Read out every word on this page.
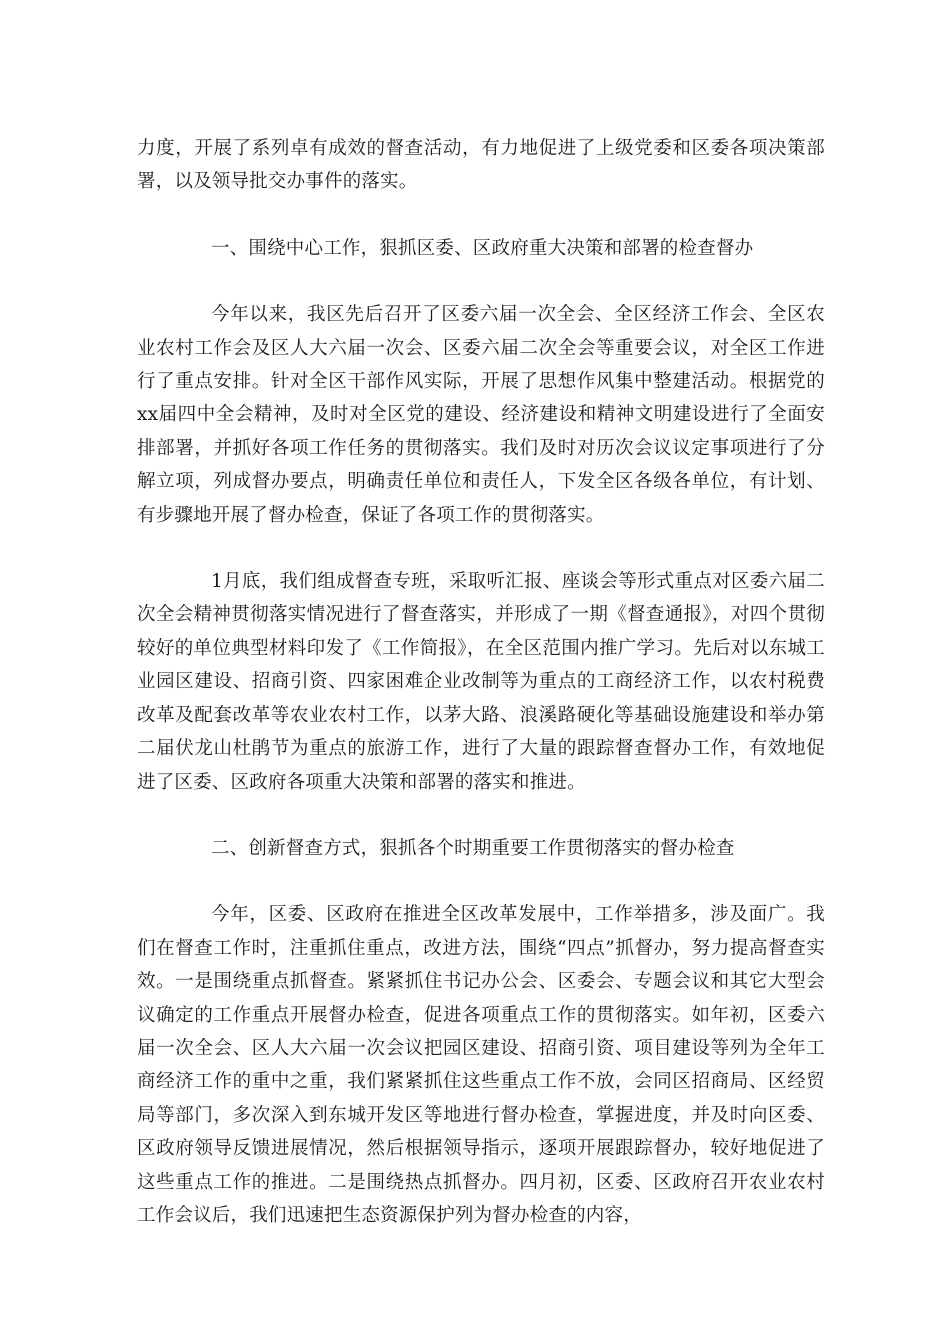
力度，开展了系列卓有成效的督查活动，有力地促进了上级党委和区委各项决策部署，以及领导批交办事件的落实。

一、围绕中心工作，狠抓区委、区政府重大决策和部署的检查督办

今年以来，我区先后召开了区委六届一次全会、全区经济工作会、全区农业农村工作会及区人大六届一次会、区委六届二次全会等重要会议，对全区工作进行了重点安排。针对全区干部作风实际，开展了思想作风集中整建活动。根据党的xx届四中全会精神，及时对全区党的建设、经济建设和精神文明建设进行了全面安排部署，并抓好各项工作任务的贯彻落实。我们及时对历次会议议定事项进行了分解立项，列成督办要点，明确责任单位和责任人，下发全区各级各单位，有计划、有步骤地开展了督办检查，保证了各项工作的贯彻落实。

1月底，我们组成督查专班，采取听汇报、座谈会等形式重点对区委六届二次全会精神贯彻落实情况进行了督查落实，并形成了一期《督查通报》，对四个贯彻较好的单位典型材料印发了《工作简报》，在全区范围内推广学习。先后对以东城工业园区建设、招商引资、四家困难企业改制等为重点的工商经济工作，以农村税费改革及配套改革等农业农村工作，以茅大路、浪溪路硬化等基础设施建设和举办第二届伏龙山杜鹃节为重点的旅游工作，进行了大量的跟踪督查督办工作，有效地促进了区委、区政府各项重大决策和部署的落实和推进。

二、创新督查方式，狠抓各个时期重要工作贯彻落实的督办检查

今年，区委、区政府在推进全区改革发展中，工作举措多，涉及面广。我们在督查工作时，注重抓住重点，改进方法，围绕“四点”抓督办，努力提高督查实效。一是围绕重点抓督查。紧紧抓住书记办公会、区委会、专题会议和其它大型会议确定的工作重点开展督办检查，促进各项重点工作的贯彻落实。如年初，区委六届一次全会、区人大六届一次会议把园区建设、招商引资、项目建设等列为全年工商经济工作的重中之重，我们紧紧抓住这些重点工作不放，会同区招商局、区经贸局等部门，多次深入到东城开发区等地进行督办检查，掌握进度，并及时向区委、区政府领导反馈进展情况，然后根据领导指示，逐项开展跟踪督办，较好地促进了这些重点工作的推进。二是围绕热点抓督办。四月初，区委、区政府召开农业农村工作会议后，我们迅速把生态资源保护列为督办检查的内容，
